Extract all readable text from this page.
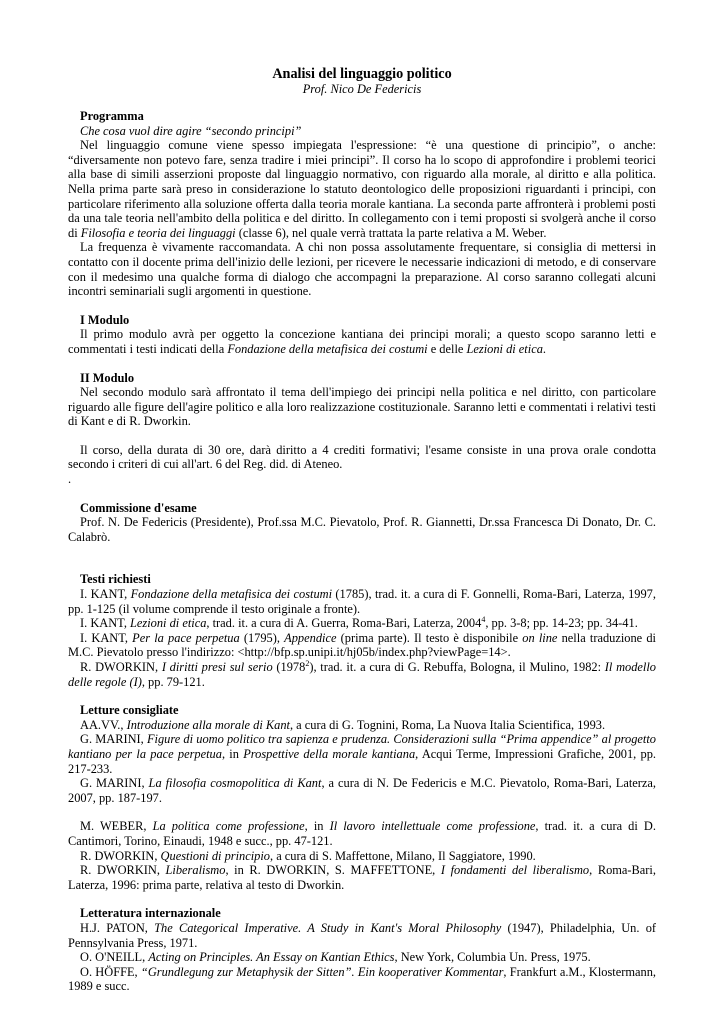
Analisi del linguaggio politico
Prof. Nico De Federicis
Programma
Che cosa vuol dire agire “secondo principi”

Nel linguaggio comune viene spesso impiegata l'espressione: “è una questione di principio”, o anche: “diversamente non potevo fare, senza tradire i miei principi”. Il corso ha lo scopo di approfondire i problemi teorici alla base di simili asserzioni proposte dal linguaggio normativo, con riguardo alla morale, al diritto e alla politica. Nella prima parte sarà preso in considerazione lo statuto deontologico delle proposizioni riguardanti i principi, con particolare riferimento alla soluzione offerta dalla teoria morale kantiana. La seconda parte affronterà i problemi posti da una tale teoria nell'ambito della politica e del diritto. In collegamento con i temi proposti si svolgerà anche il corso di Filosofia e teoria dei linguaggi (classe 6), nel quale verrà trattata la parte relativa a M. Weber.

La frequenza è vivamente raccomandata. A chi non possa assolutamente frequentare, si consiglia di mettersi in contatto con il docente prima dell'inizio delle lezioni, per ricevere le necessarie indicazioni di metodo, e di conservare con il medesimo una qualche forma di dialogo che accompagni la preparazione. Al corso saranno collegati alcuni incontri seminariali sugli argomenti in questione.

I Modulo

Il primo modulo avrà per oggetto la concezione kantiana dei principi morali; a questo scopo saranno letti e commentati i testi indicati della Fondazione della metafisica dei costumi e delle Lezioni di etica.

II Modulo

Nel secondo modulo sarà affrontato il tema dell'impiego dei principi nella politica e nel diritto, con particolare riguardo alle figure dell'agire politico e alla loro realizzazione costituzionale. Saranno letti e commentati i relativi testi di Kant e di R. Dworkin.

Il corso, della durata di 30 ore, darà diritto a 4 crediti formativi; l'esame consiste in una prova orale condotta secondo i criteri di cui all'art. 6 del Reg. did. di Ateneo.

.

Commissione d'esame

Prof. N. De Federicis (Presidente), Prof.ssa M.C. Pievatolo, Prof. R. Giannetti, Dr.ssa Francesca Di Donato, Dr. C. Calabrò.

Testi richiesti

I. KANT, Fondazione della metafisica dei costumi (1785), trad. it. a cura di F. Gonnelli, Roma-Bari, Laterza, 1997, pp. 1-125 (il volume comprende il testo originale a fronte).

I. KANT, Lezioni di etica, trad. it. a cura di A. Guerra, Roma-Bari, Laterza, 2004$^4$, pp. 3-8; pp. 14-23; pp. 34-41.

I. KANT, Per la pace perpetua (1795), Appendice (prima parte). Il testo è disponibile on line nella traduzione di M.C. Pievatolo presso l'indirizzo: <http://bfp.sp.unipi.it/hj05b/index.php?viewPage=14>.

R. DWORKIN, I diritti presi sul serio (1978$^2$), trad. it. a cura di G. Rebuffa, Bologna, il Mulino, 1982: Il modello delle regole (I), pp. 79-121.

Letture consigliate

AA.VV., Introduzione alla morale di Kant, a cura di G. Tognini, Roma, La Nuova Italia Scientifica, 1993.

G. MARINI, Figure di uomo politico tra sapienza e prudenza. Considerazioni sulla “Prima appendice” al progetto kantiano per la pace perpetua, in Prospettive della morale kantiana, Acqui Terme, Impressioni Grafiche, 2001, pp. 217-233.

G. MARINI, La filosofia cosmopolitica di Kant, a cura di N. De Federicis e M.C. Pievatolo, Roma-Bari, Laterza, 2007, pp. 187-197.

M. WEBER, La politica come professione, in Il lavoro intellettuale come professione, trad. it. a cura di D. Cantimori, Torino, Einaudi, 1948 e succ., pp. 47-121.

R. DWORKIN, Questioni di principio, a cura di S. Maffettone, Milano, Il Saggiatore, 1990.

R. DWORKIN, Liberalismo, in R. DWORKIN, S. MAFFETTONE, I fondamenti del liberalismo, Roma-Bari, Laterza, 1996: prima parte, relativa al testo di Dworkin.

Letteratura internazionale

H.J. PATON, The Categorical Imperative. A Study in Kant's Moral Philosophy (1947), Philadelphia, Un. of Pennsylvania Press, 1971.

O. O'NEILL, Acting on Principles. An Essay on Kantian Ethics, New York, Columbia Un. Press, 1975.

O. HÖFFE, “Grundlegung zur Metaphysik der Sitten”. Ein kooperativer Kommentar, Frankfurt a.M., Klostermann, 1989 e succ.
